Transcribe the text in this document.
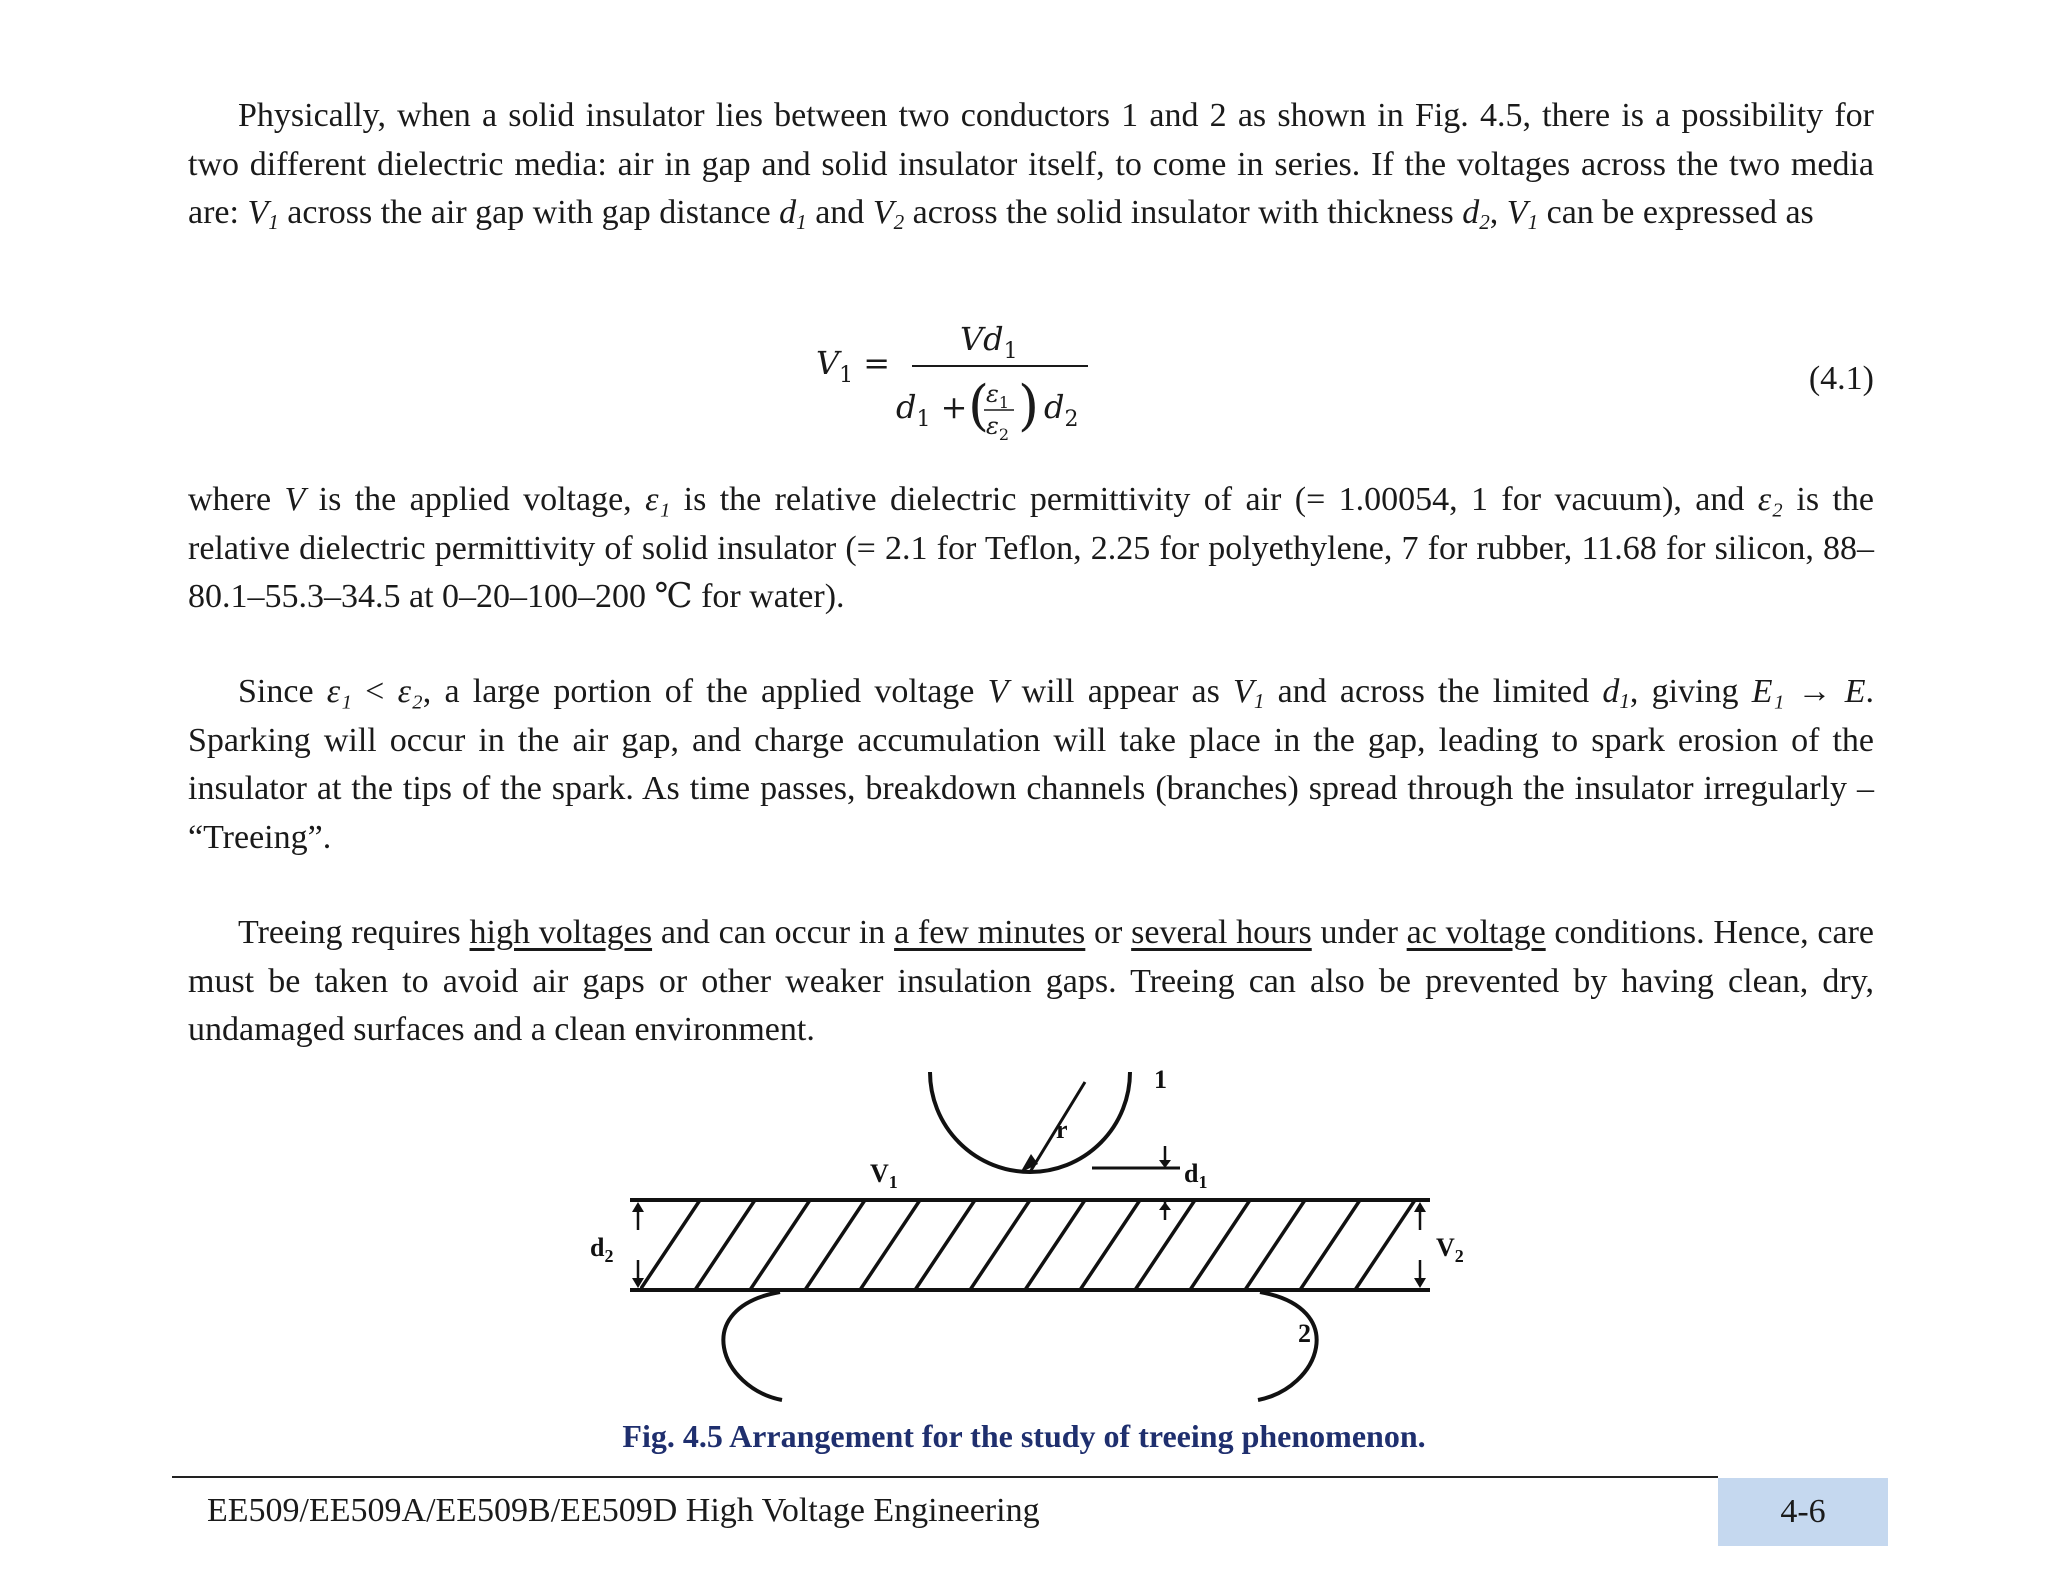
Physically, when a solid insulator lies between two conductors 1 and 2 as shown in Fig. 4.5, there is a possibility for two different dielectric media: air in gap and solid insulator itself, to come in series. If the voltages across the two media are: $V_1$ across the air gap with gap distance $d_1$ and $V_2$ across the solid insulator with thickness $d_2$, $V_1$ can be expressed as

$V_1$ =
$Vd_1$
$d_1$ + (
$\varepsilon_1$
$\varepsilon_2$ ) $d_2$
(4.1)

where V is the applied voltage, ε₁ is the relative dielectric permittivity of air (= 1.00054, 1 for vacuum), and ε₂ is the relative dielectric permittivity of solid insulator (= 2.1 for Teflon, 2.25 for polyethylene, 7 for rubber, 11.68 for silicon, 88–80.1–55.3–34.5 at 0–20–100–200 ℃ for water).

Since ε₁ < ε₂, a large portion of the applied voltage V will appear as $V_1$ and across the limited $d_1$, giving E₁ → E. Sparking will occur in the air gap, and charge accumulation will take place in the gap, leading to spark erosion of the insulator at the tips of the spark. As time passes, breakdown channels (branches) spread through the insulator irregularly – “Treeing”.

Treeing requires high voltages and can occur in a few minutes or several hours under ac voltage conditions. Hence, care must be taken to avoid air gaps or other weaker insulation gaps. Treeing can also be prevented by having clean, dry, undamaged surfaces and a clean environment.

r
1
$V_1$	$d_1$
$d_2$	$V_2$
2
Fig. 4.5 Arrangement for the study of treeing phenomenon.
EE509/EE509A/EE509B/EE509D High Voltage Engineering	4-6
